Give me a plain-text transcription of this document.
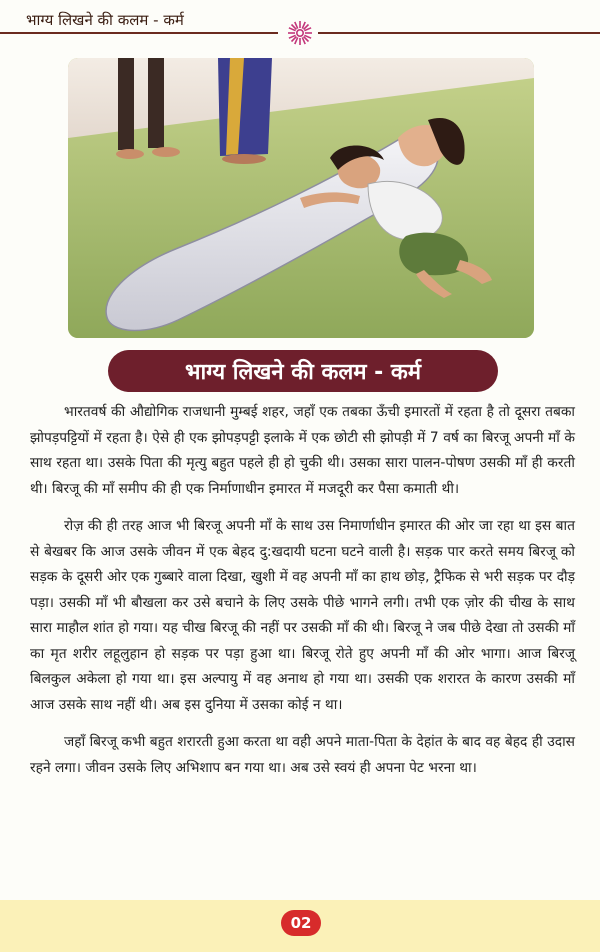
भाग्य लिखने की कलम - कर्म
भाग्य लिखने की कलम - कर्म

भारतवर्ष की औद्योगिक राजधानी मुम्बई शहर, जहाँ एक तबका ऊँची इमारतों में रहता है तो दूसरा तबका झोपड़पट्टियों में रहता है। ऐसे ही एक झोपड़पट्टी इलाके में एक छोटी सी झोपड़ी में 7 वर्ष का बिरजू अपनी माँ के साथ रहता था। उसके पिता की मृत्यु बहुत पहले ही हो चुकी थी। उसका सारा पालन-पोषण उसकी माँ ही करती थी। बिरजू की माँ समीप की ही एक निर्माणाधीन इमारत में मजदूरी कर पैसा कमाती थी।

रोज़ की ही तरह आज भी बिरजू अपनी माँ के साथ उस निमार्णाधीन इमारत की ओर जा रहा था इस बात से बेखबर कि आज उसके जीवन में एक बेहद दु:खदायी घटना घटने वाली है। सड़क पार करते समय बिरजू को सड़क के दूसरी ओर एक गुब्बारे वाला दिखा, खुशी में वह अपनी माँ का हाथ छोड़, ट्रैफिक से भरी सड़क पर दौड़ पड़ा। उसकी माँ भी बौखला कर उसे बचाने के लिए उसके पीछे भागने लगी। तभी एक ज़ोर की चीख के साथ सारा माहौल शांत हो गया। यह चीख बिरजू की नहीं पर उसकी माँ की थी। बिरजू ने जब पीछे देखा तो उसकी माँ का मृत शरीर लहूलुहान हो सड़क पर पड़ा हुआ था। बिरजू रोते हुए अपनी माँ की ओर भागा। आज बिरजू बिलकुल अकेला हो गया था। इस अल्पायु में वह अनाथ हो गया था। उसकी एक शरारत के कारण उसकी माँ आज उसके साथ नहीं थी। अब इस दुनिया में उसका कोई न था।

जहाँ बिरजू कभी बहुत शरारती हुआ करता था वही अपने माता-पिता के देहांत के बाद वह बेहद ही उदास रहने लगा। जीवन उसके लिए अभिशाप बन गया था। अब उसे स्वयं ही अपना पेट भरना था।

02
